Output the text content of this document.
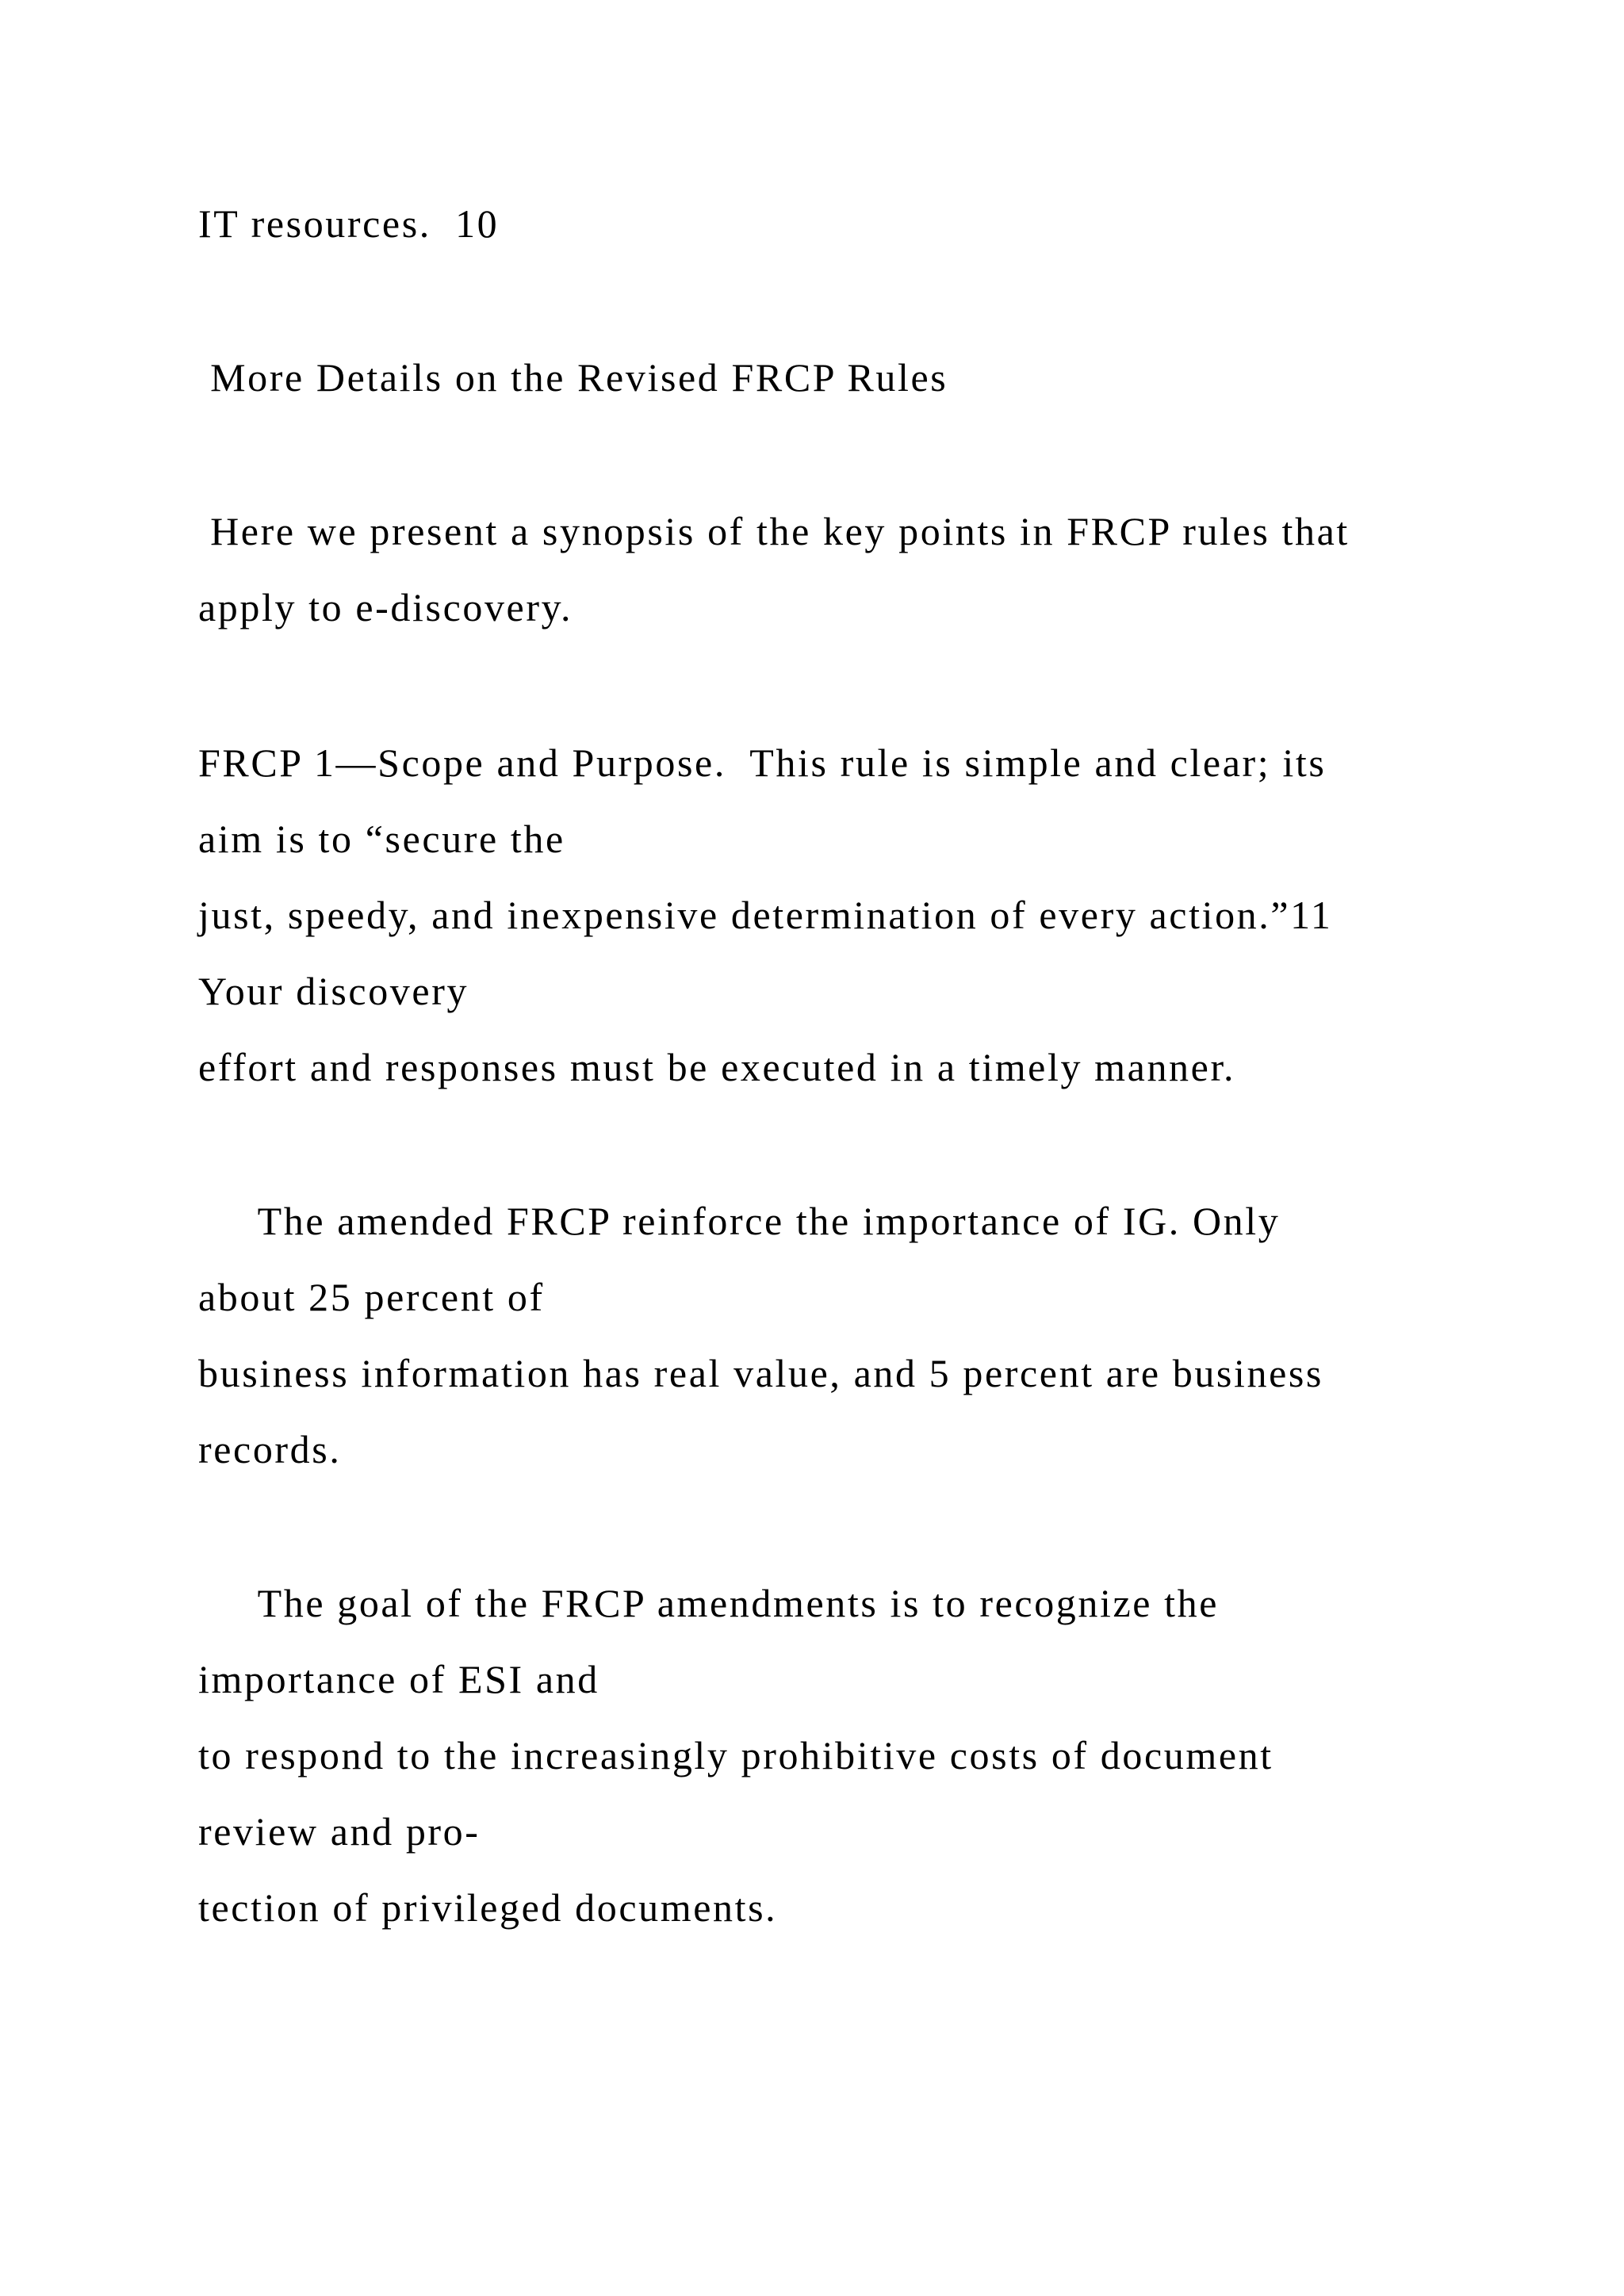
IT resources.  10

More Details on the Revised FRCP Rules

Here we present a synopsis of the key points in FRCP rules that

apply to e-discovery.

FRCP 1—Scope and Purpose.  This rule is simple and clear; its

aim is to “secure the

just, speedy, and inexpensive determination of every action.”11

Your discovery

effort and responses must be executed in a timely manner.

The amended FRCP reinforce the importance of IG. Only

about 25 percent of

business information has real value, and 5 percent are business

records.

The goal of the FRCP amendments is to recognize the

importance of ESI and

to respond to the increasingly prohibitive costs of document

review and pro-

tection of privileged documents.
